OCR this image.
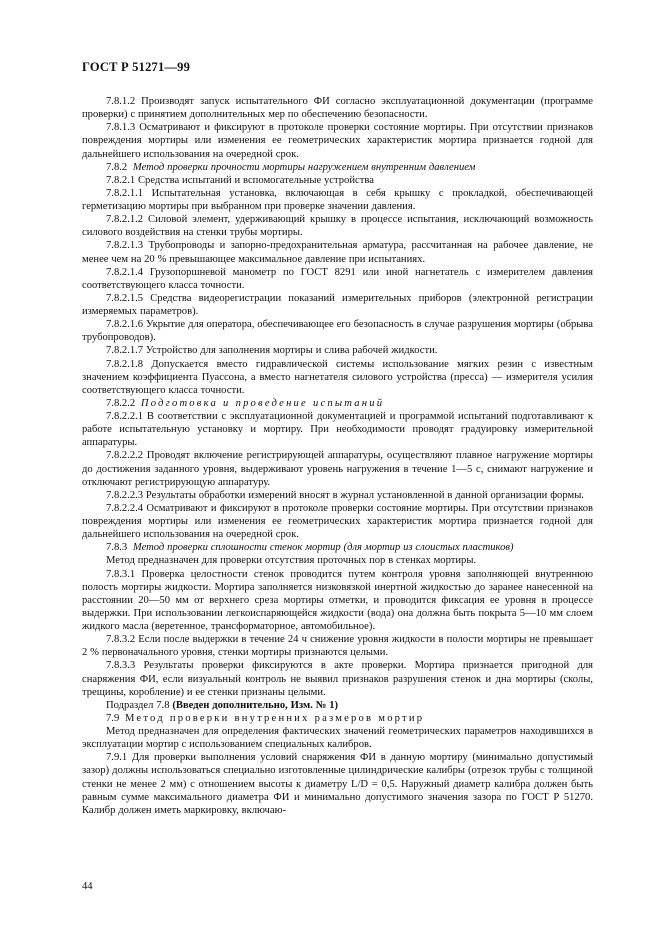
ГОСТ Р 51271—99

7.8.1.2 Производят запуск испытательного ФИ согласно эксплуатационной документации (программе проверки) с принятием дополнительных мер по обеспечению безопасности.

7.8.1.3 Осматривают и фиксируют в протоколе проверки состояние мортиры. При отсутствии признаков повреждения мортиры или изменения ее геометрических характеристик мортира признается годной для дальнейшего использования на очередной срок.

7.8.2 Метод проверки прочности мортиры нагружением внутренним давлением

7.8.2.1 Средства испытаний и вспомогательные устройства

7.8.2.1.1 Испытательная установка, включающая в себя крышку с прокладкой, обеспечивающей герметизацию мортиры при выбранном при проверке значении давления.

7.8.2.1.2 Силовой элемент, удерживающий крышку в процессе испытания, исключающий возможность силового воздействия на стенки трубы мортиры.

7.8.2.1.3 Трубопроводы и запорно-предохранительная арматура, рассчитанная на рабочее давление, не менее чем на 20 % превышающее максимальное давление при испытаниях.

7.8.2.1.4 Грузопоршневой манометр по ГОСТ 8291 или иной нагнетатель с измерителем давления соответствующего класса точности.

7.8.2.1.5 Средства видеорегистрации показаний измерительных приборов (электронной регистрации измеряемых параметров).

7.8.2.1.6 Укрытие для оператора, обеспечивающее его безопасность в случае разрушения мортиры (обрыва трубопроводов).

7.8.2.1.7 Устройство для заполнения мортиры и слива рабочей жидкости.

7.8.2.1.8 Допускается вместо гидравлической системы использование мягких резин с известным значением коэффициента Пуассона, а вместо нагнетателя силового устройства (пресса) — измерителя усилия соответствующего класса точности.

7.8.2.2 Подготовка и проведение испытаний

7.8.2.2.1 В соответствии с эксплуатационной документацией и программой испытаний подготавливают к работе испытательную установку и мортиру. При необходимости проводят градуировку измерительной аппаратуры.

7.8.2.2.2 Проводят включение регистрирующей аппаратуры, осуществляют плавное нагружение мортиры до достижения заданного уровня, выдерживают уровень нагружения в течение 1—5 с, снимают нагружение и отключают регистрирующую аппаратуру.

7.8.2.2.3 Результаты обработки измерений вносят в журнал установленной в данной организации формы.

7.8.2.2.4 Осматривают и фиксируют в протоколе проверки состояние мортиры. При отсутствии признаков повреждения мортиры или изменения ее геометрических характеристик мортира признается годной для дальнейшего использования на очередной срок.

7.8.3 Метод проверки сплошности стенок мортир (для мортир из слоистых пластиков)

Метод предназначен для проверки отсутствия проточных пор в стенках мортиры.

7.8.3.1 Проверка целостности стенок проводится путем контроля уровня заполняющей внутреннюю полость мортиры жидкости. Мортира заполняется низковязкой инертной жидкостью до заранее нанесенной на расстоянии 20—50 мм от верхнего среза мортиры отметки, и проводится фиксация ее уровня в процессе выдержки. При использовании легкоиспаряющейся жидкости (вода) она должна быть покрыта 5—10 мм слоем жидкого масла (веретенное, трансформаторное, автомобильное).

7.8.3.2 Если после выдержки в течение 24 ч снижение уровня жидкости в полости мортиры не превышает 2 % первоначального уровня, стенки мортиры признаются целыми.

7.8.3.3 Результаты проверки фиксируются в акте проверки. Мортира признается пригодной для снаряжения ФИ, если визуальный контроль не выявил признаков разрушения стенок и дна мортиры (сколы, трещины, коробление) и ее стенки признаны целыми.

Подраздел 7.8 (Введен дополнительно, Изм. № 1)

7.9 Метод проверки внутренних размеров мортир

Метод предназначен для определения фактических значений геометрических параметров находившихся в эксплуатации мортир с использованием специальных калибров.

7.9.1 Для проверки выполнения условий снаряжения ФИ в данную мортиру (минимально допустимый зазор) должны использоваться специально изготовленные цилиндрические калибры (отрезок трубы с толщиной стенки не менее 2 мм) с отношением высоты к диаметру L/D = 0,5. Наружный диаметр калибра должен быть равным сумме максимального диаметра ФИ и минимально допустимого значения зазора по ГОСТ Р 51270. Калибр должен иметь маркировку, включаю-

44
